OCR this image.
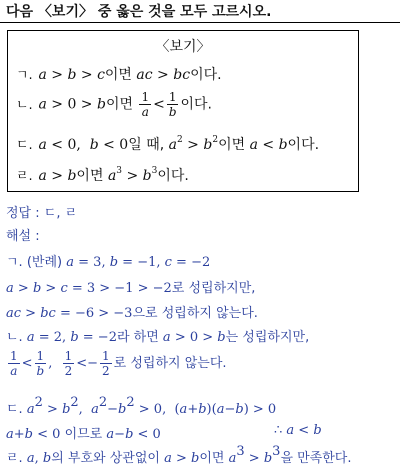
다음 〈보기〉 중 옳은 것을 모두 고르시오.
〈보기〉
ㄱ. a > b > c이면 ac > bc이다.
ㄴ. a > 0 > b이면 $\frac{1}{a} < \frac{1}{b}$ 이다.
ㄷ. a < 0,  b < 0일 때, $a^2 > b^2$이면 a < b이다.
ㄹ. a > b이면 $a^3 > b^3$이다.
정답 : ㄷ, ㄹ
해설 :
ㄱ. (반례) a = 3, b = −1, c = −2
a > b > c = 3 > −1 > −2로 성립하지만,
ac > bc = −6 > −3으로 성립하지 않는다.
ㄴ. a = 2, b = −2라 하면 a > 0 > b는 성립하지만,
$\frac{1}{a} < \frac{1}{b}$ , $\frac{1}{2} <- \frac{1}{2}$ 로 성립하지 않는다.
ㄷ. $a^2 > b^2$,  $a^2-b^2 > 0$,  (a+b)(a−b) > 0
a+b < 0 이므로 a−b < 0	∴ a < b
ㄹ. a, b의 부호와 상관없이 a > b이면 $a^3 > b^3$을 만족한다.
